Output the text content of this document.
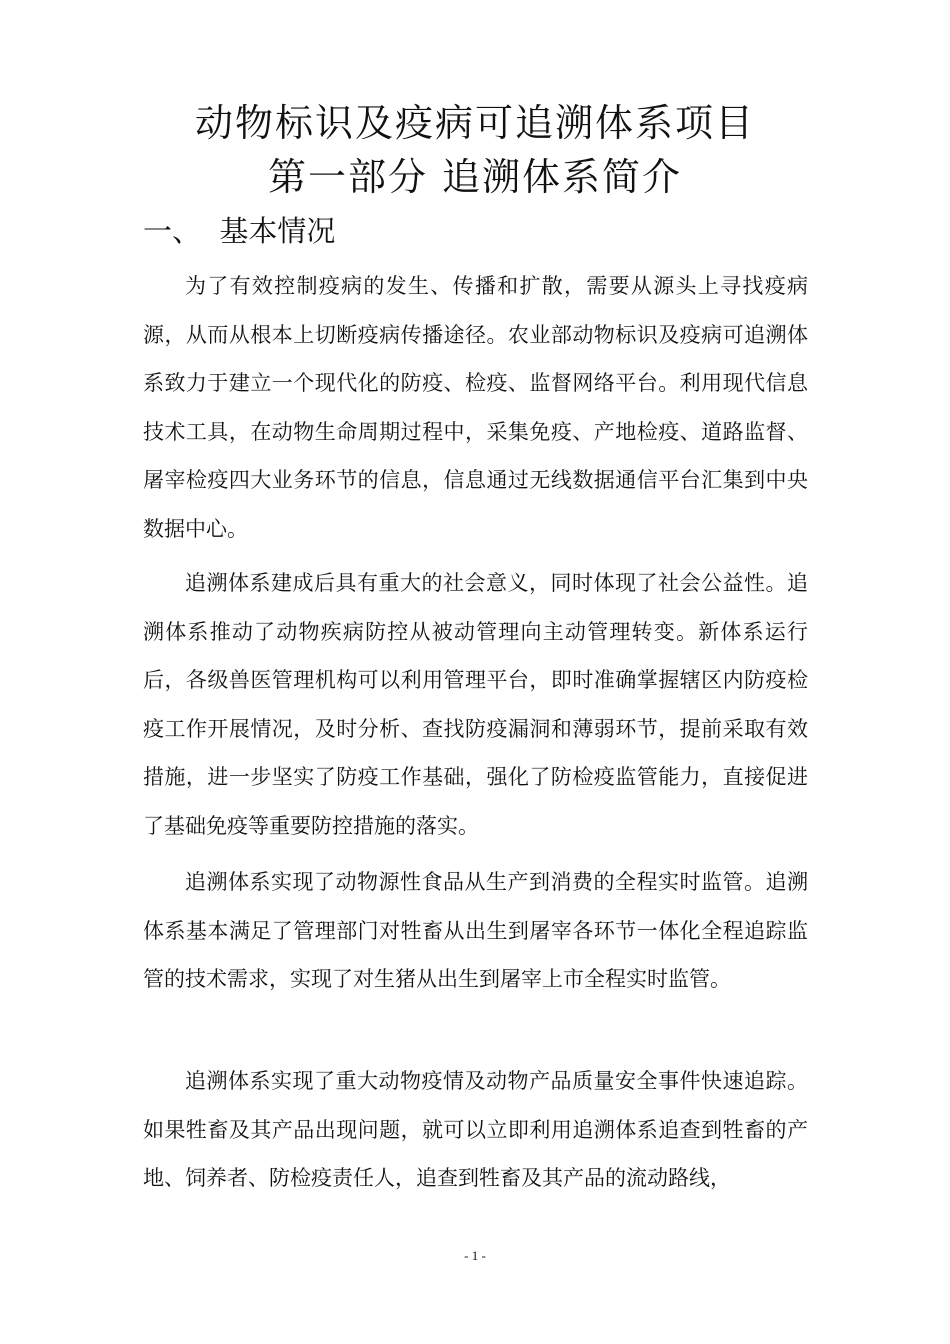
动物标识及疫病可追溯体系项目
第一部分 追溯体系简介
一、  基本情况

为了有效控制疫病的发生、传播和扩散，需要从源头上寻找疫病源，从而从根本上切断疫病传播途径。农业部动物标识及疫病可追溯体系致力于建立一个现代化的防疫、检疫、监督网络平台。利用现代信息技术工具，在动物生命周期过程中，采集免疫、产地检疫、道路监督、屠宰检疫四大业务环节的信息，信息通过无线数据通信平台汇集到中央数据中心。

追溯体系建成后具有重大的社会意义，同时体现了社会公益性。追溯体系推动了动物疾病防控从被动管理向主动管理转变。新体系运行后，各级兽医管理机构可以利用管理平台，即时准确掌握辖区内防疫检疫工作开展情况，及时分析、查找防疫漏洞和薄弱环节，提前采取有效措施，进一步坚实了防疫工作基础，强化了防检疫监管能力，直接促进了基础免疫等重要防控措施的落实。

追溯体系实现了动物源性食品从生产到消费的全程实时监管。追溯体系基本满足了管理部门对牲畜从出生到屠宰各环节一体化全程追踪监管的技术需求，实现了对生猪从出生到屠宰上市全程实时监管。

追溯体系实现了重大动物疫情及动物产品质量安全事件快速追踪。如果牲畜及其产品出现问题，就可以立即利用追溯体系追查到牲畜的产地、饲养者、防检疫责任人，追查到牲畜及其产品的流动路线，

- 1 -
